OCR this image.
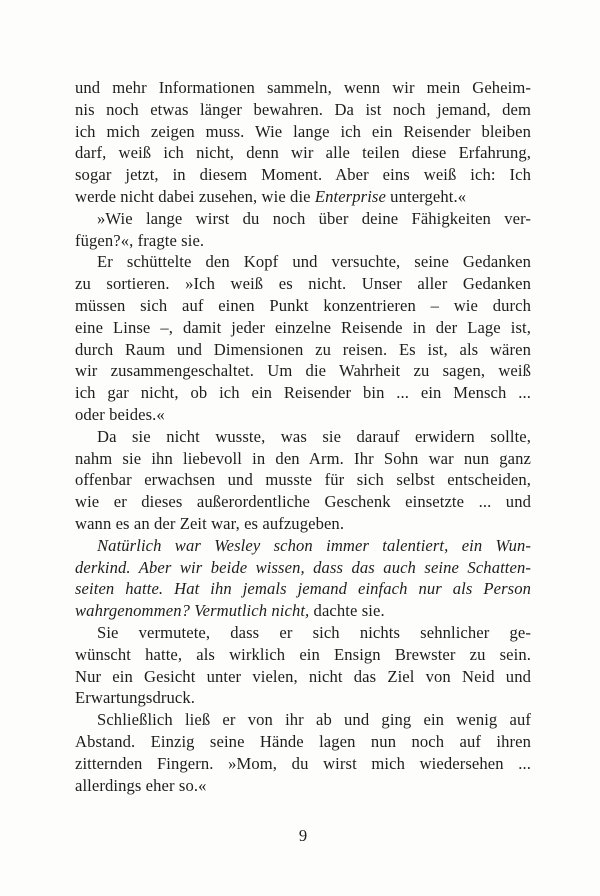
und mehr Informationen sammeln, wenn wir mein Geheim-
nis noch etwas länger bewahren. Da ist noch jemand, dem
ich mich zeigen muss. Wie lange ich ein Reisender bleiben
darf, weiß ich nicht, denn wir alle teilen diese Erfahrung,
sogar jetzt, in diesem Moment. Aber eins weiß ich: Ich
werde nicht dabei zusehen, wie die Enterprise untergeht.«
»Wie lange wirst du noch über deine Fähigkeiten ver-
fügen?«, fragte sie.
Er schüttelte den Kopf und versuchte, seine Gedanken
zu sortieren. »Ich weiß es nicht. Unser aller Gedanken
müssen sich auf einen Punkt konzentrieren – wie durch
eine Linse –, damit jeder einzelne Reisende in der Lage ist,
durch Raum und Dimensionen zu reisen. Es ist, als wären
wir zusammengeschaltet. Um die Wahrheit zu sagen, weiß
ich gar nicht, ob ich ein Reisender bin ... ein Mensch ...
oder beides.«
Da sie nicht wusste, was sie darauf erwidern sollte,
nahm sie ihn liebevoll in den Arm. Ihr Sohn war nun ganz
offenbar erwachsen und musste für sich selbst entscheiden,
wie er dieses außerordentliche Geschenk einsetzte ... und
wann es an der Zeit war, es aufzugeben.
Natürlich war Wesley schon immer talentiert, ein Wun-
derkind. Aber wir beide wissen, dass das auch seine Schatten-
seiten hatte. Hat ihn jemals jemand einfach nur als Person
wahrgenommen? Vermutlich nicht, dachte sie.
Sie vermutete, dass er sich nichts sehnlicher ge-
wünscht hatte, als wirklich ein Ensign Brewster zu sein.
Nur ein Gesicht unter vielen, nicht das Ziel von Neid und
Erwartungsdruck.
Schließlich ließ er von ihr ab und ging ein wenig auf
Abstand. Einzig seine Hände lagen nun noch auf ihren
zitternden Fingern. »Mom, du wirst mich wiedersehen ...
allerdings eher so.«
9
